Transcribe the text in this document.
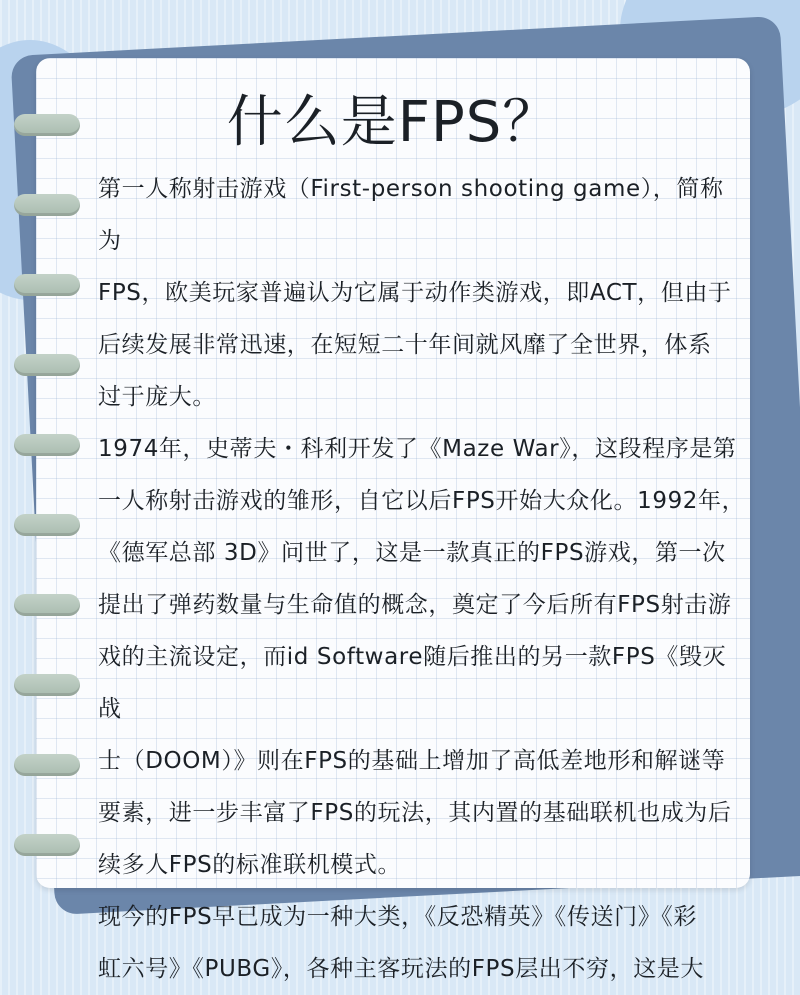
什么是FPS？

第一人称射击游戏（First-person shooting game），简称为

FPS，欧美玩家普遍认为它属于动作类游戏，即ACT，但由于

后续发展非常迅速，在短短二十年间就风靡了全世界，体系

过于庞大。

1974年，史蒂夫・科利开发了《Maze War》，这段程序是第

一人称射击游戏的雏形，自它以后FPS开始大众化。1992年，

《德军总部 3D》问世了，这是一款真正的FPS游戏，第一次

提出了弹药数量与生命值的概念，奠定了今后所有FPS射击游

戏的主流设定，而id Software随后推出的另一款FPS《毁灭战

士（DOOM）》则在FPS的基础上增加了高低差地形和解谜等

要素，进一步丰富了FPS的玩法，其内置的基础联机也成为后

续多人FPS的标准联机模式。

现今的FPS早已成为一种大类，《反恐精英》《传送门》《彩

虹六号》《PUBG》，各种主客玩法的FPS层出不穷，这是大
